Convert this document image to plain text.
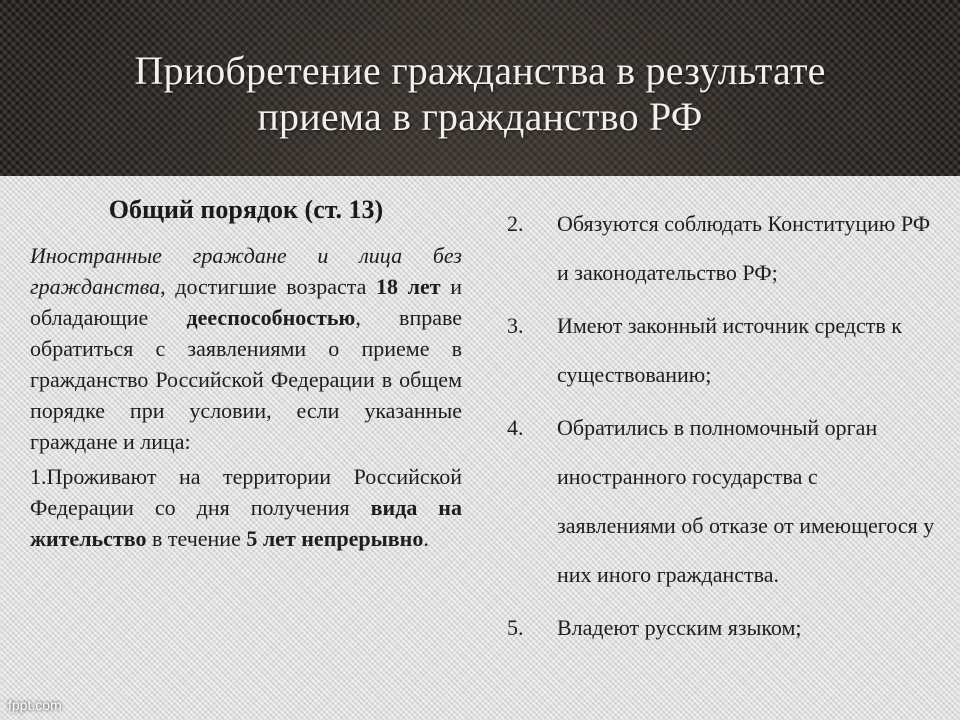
Приобретение гражданства в результате
приема в гражданство РФ
Общий порядок (ст. 13)

Иностранные граждане и лица без гражданства, достигшие возраста 18 лет и обладающие дееспособностью, вправе обратиться с заявлениями о приеме в гражданство Российской Федерации в общем порядке при условии, если указанные граждане и лица:

1.Проживают на территории Российской Федерации со дня получения вида на жительство в течение 5 лет непрерывно.

2.	Обязуются соблюдать Конституцию РФ и законодательство РФ;
3.	Имеют законный источник средств к существованию;
4.	Обратились в полномочный орган иностранного государства с заявлениями об отказе от имеющегося у них иного гражданства.
5.	Владеют русским языком;
fppt.com
